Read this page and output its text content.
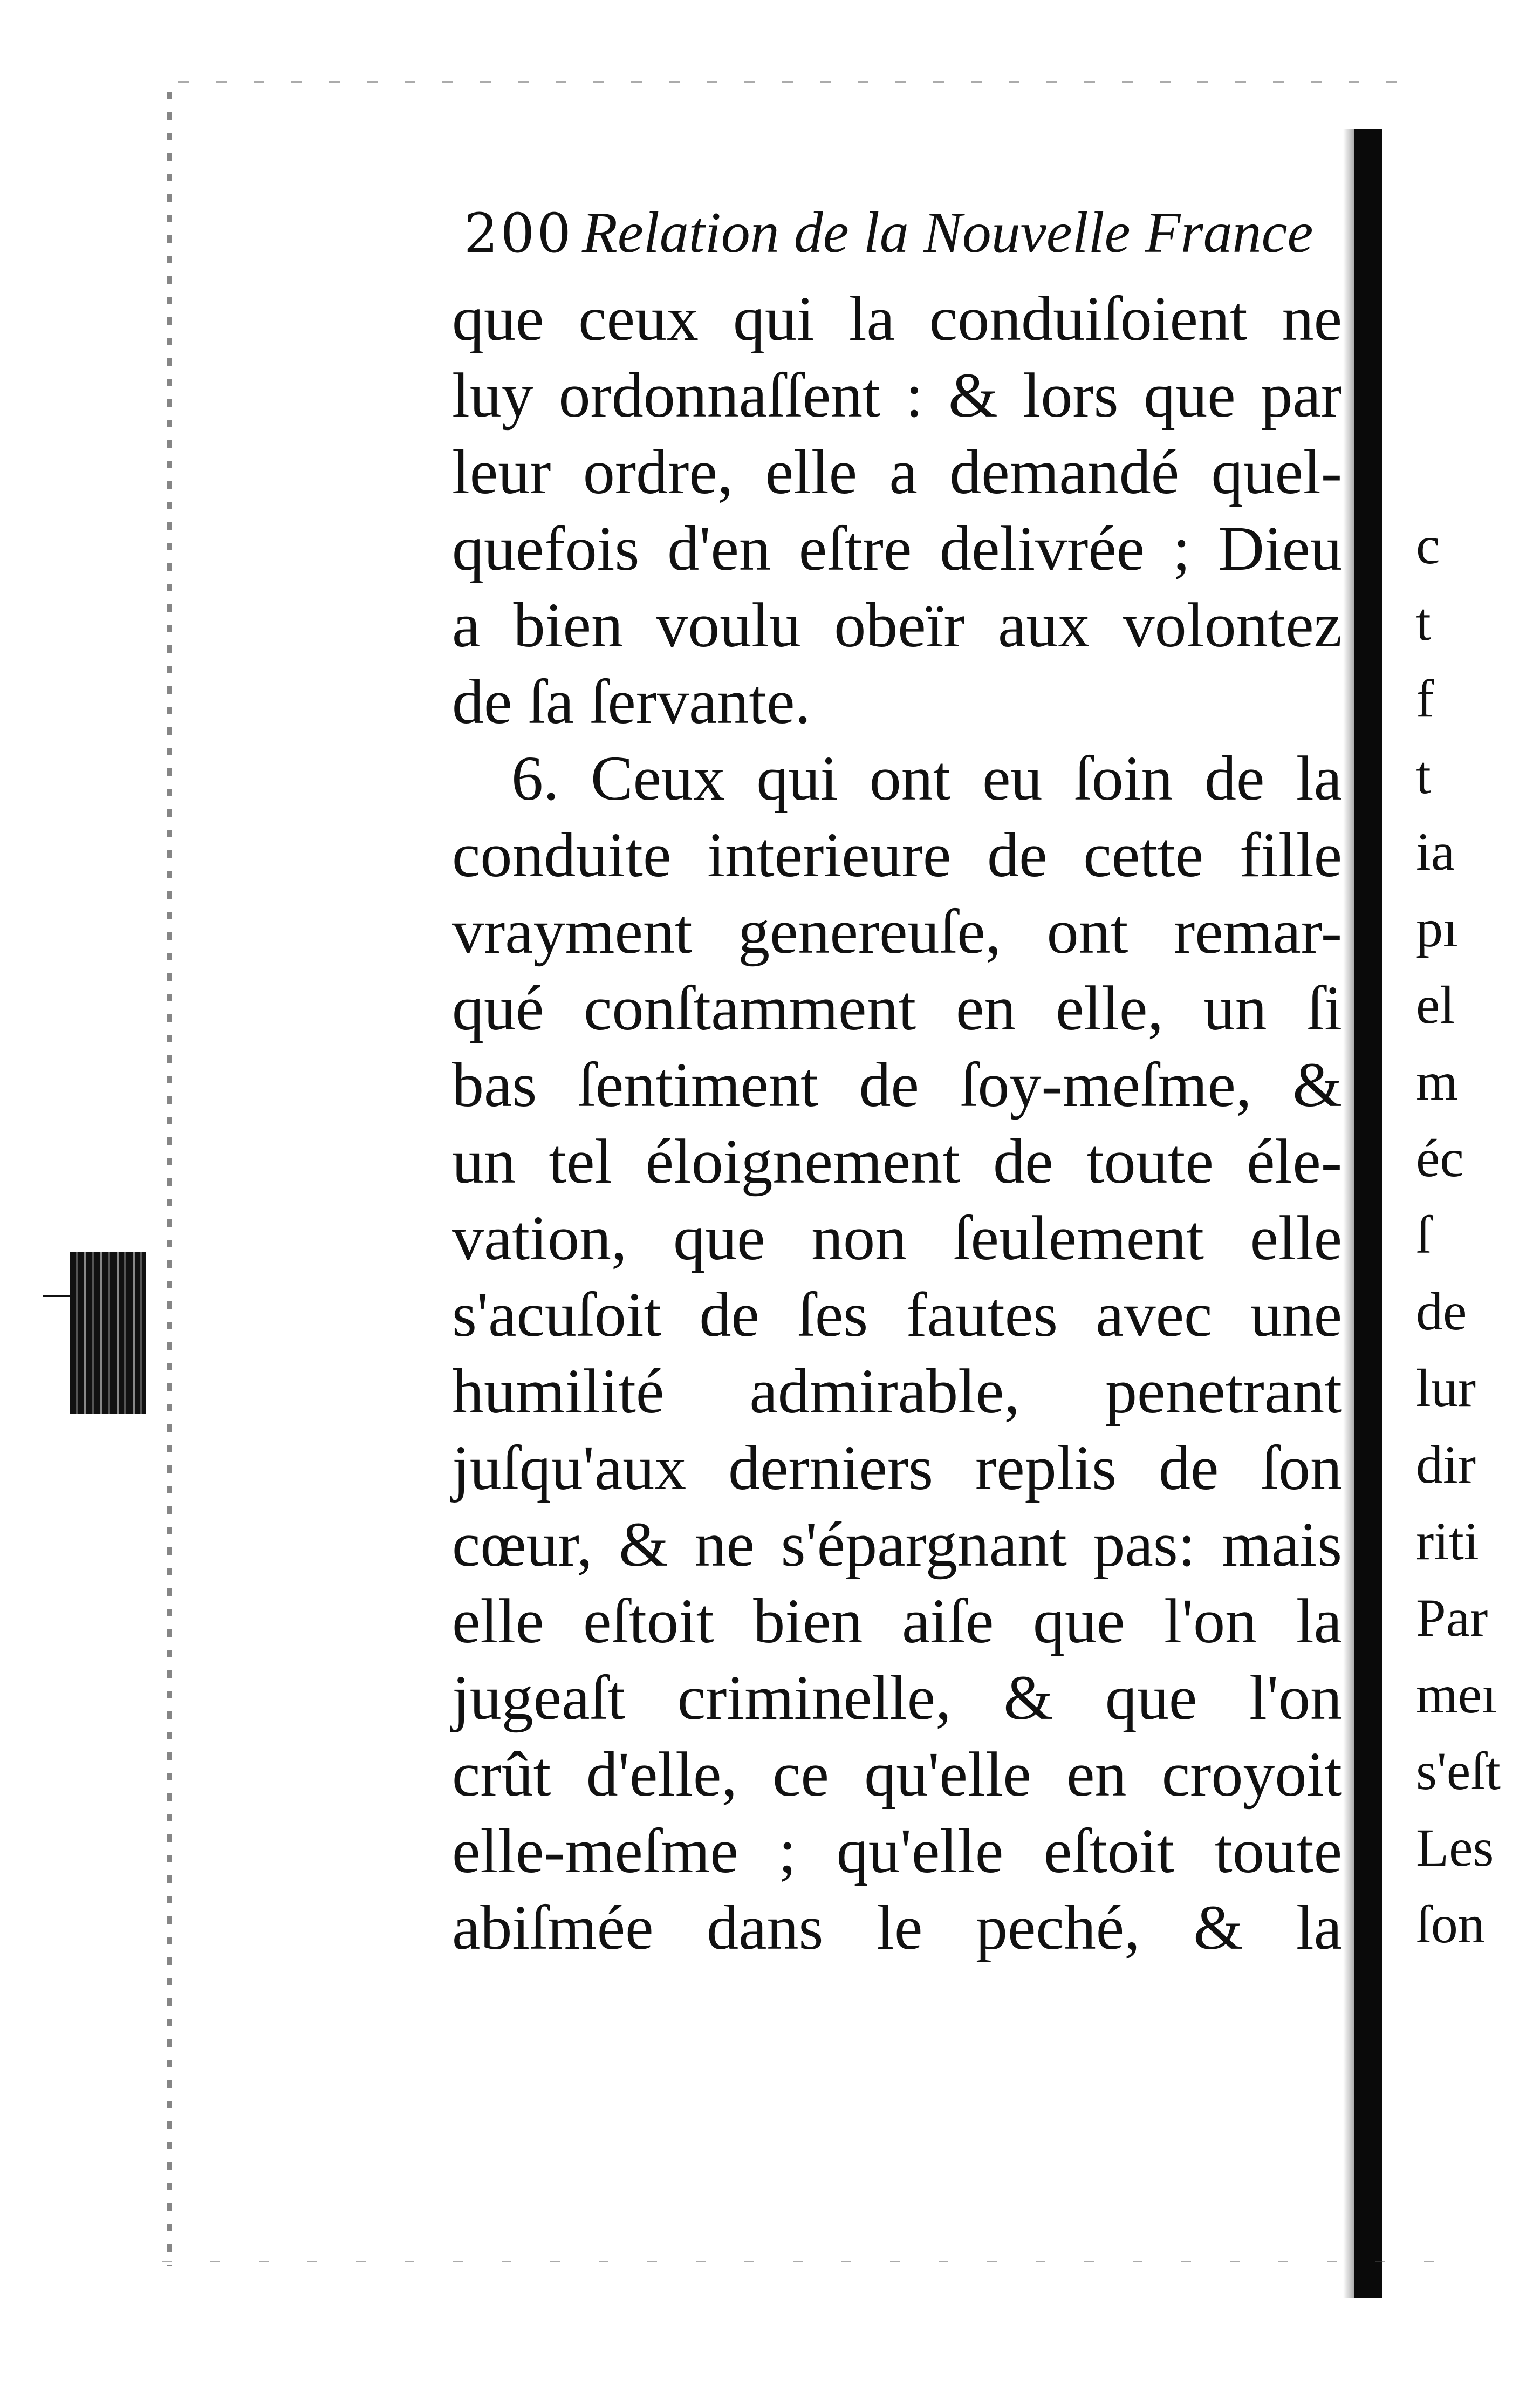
200 Relation de la Nouvelle France
que ceux qui la conduiſoient ne
luy ordonnaſſent : & lors que par
leur ordre, elle a demandé quel-
quefois d'en eſtre delivrée ; Dieu
a bien voulu obeïr aux volontez
de ſa ſervante.
6. Ceux qui ont eu ſoin de la
conduite interieure de cette fille
vrayment genereuſe, ont remar-
qué conſtamment en elle, un ſi
bas ſentiment de ſoy-meſme, &
un tel éloignement de toute éle-
vation, que non ſeulement elle
s'acuſoit de ſes fautes avec une
humilité admirable, penetrant
juſqu'aux derniers replis de ſon
cœur, & ne s'épargnant pas: mais
elle eſtoit bien aiſe que l'on la
jugeaſt criminelle, & que l'on
crût d'elle, ce qu'elle en croyoit
elle-meſme ; qu'elle eſtoit toute
abiſmée dans le peché, & la
c
t
f
t
ia
pı
el
m
éc
ſ
de
lur
dir
riti
Par
meı
s'eſt
Les
ſon
